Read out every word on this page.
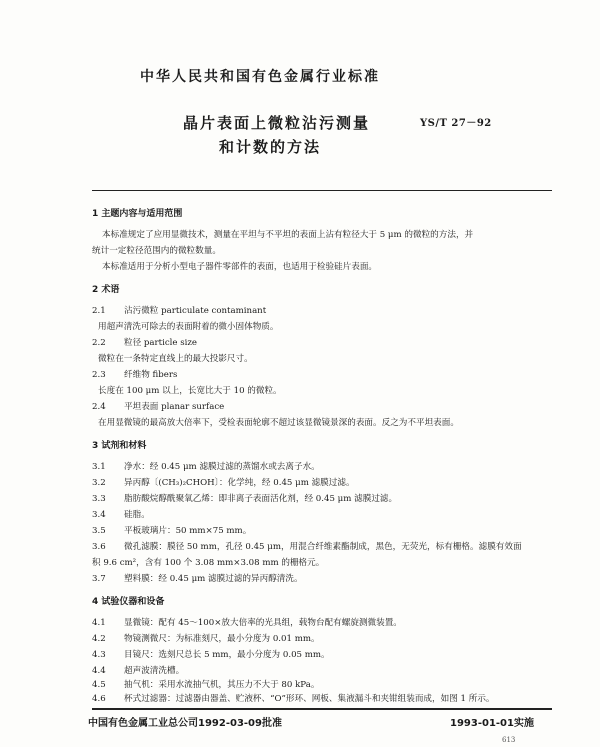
中华人民共和国有色金属行业标准
晶片表面上微粒沾污测量
和计数的方法
YS/T 27－92
1 主题内容与适用范围
本标准规定了应用显微技术，测量在平坦与不平坦的表面上沾有粒径大于 5 μm 的微粒的方法，并
统计一定粒径范围内的微粒数量。
本标准适用于分析小型电子器件零部件的表面，也适用于检验硅片表面。
2 术语
2.1 沾污微粒 particulate contaminant
用超声清洗可除去的表面附着的微小固体物质。
2.2 粒径 particle size
微粒在一条特定直线上的最大投影尺寸。
2.3 纤维物 fibers
长度在 100 μm 以上，长宽比大于 10 的微粒。
2.4 平坦表面 planar surface
在用显微镜的最高放大倍率下，受检表面轮廓不超过该显微镜景深的表面。反之为不平坦表面。
3 试剂和材料
3.1 净水：经 0.45 μm 滤膜过滤的蒸馏水或去离子水。
3.2 异丙醇〔(CH₃)₂CHOH〕：化学纯，经 0.45 μm 滤膜过滤。
3.3 脂肪酸烷醇酰聚氧乙烯：即非离子表面活化剂，经 0.45 μm 滤膜过滤。
3.4 硅脂。
3.5 平板玻璃片：50 mm×75 mm。
3.6 微孔滤膜：膜径 50 mm，孔径 0.45 μm，用混合纤维素酯制成，黑色，无荧光，标有栅格。滤膜有效面
积 9.6 cm²，含有 100 个 3.08 mm×3.08 mm 的栅格元。
3.7 塑料膜：经 0.45 μm 滤膜过滤的异丙醇清洗。
4 试验仪器和设备
4.1 显微镜：配有 45～100×放大倍率的光具组，载物台配有螺旋测微装置。
4.2 物镜测微尺：为标准刻尺，最小分度为 0.01 mm。
4.3 目镜尺：选刻尺总长 5 mm，最小分度为 0.05 mm。
4.4 超声波清洗槽。
4.5 抽气机：采用水流抽气机，其压力不大于 80 kPa。
4.6 杯式过滤器：过滤器由器盖、贮液杯、“O”形环、网板、集液漏斗和夹钳组装而成，如图 1 所示。
中国有色金属工业总公司1992-03-09批准	1993-01-01实施
613
